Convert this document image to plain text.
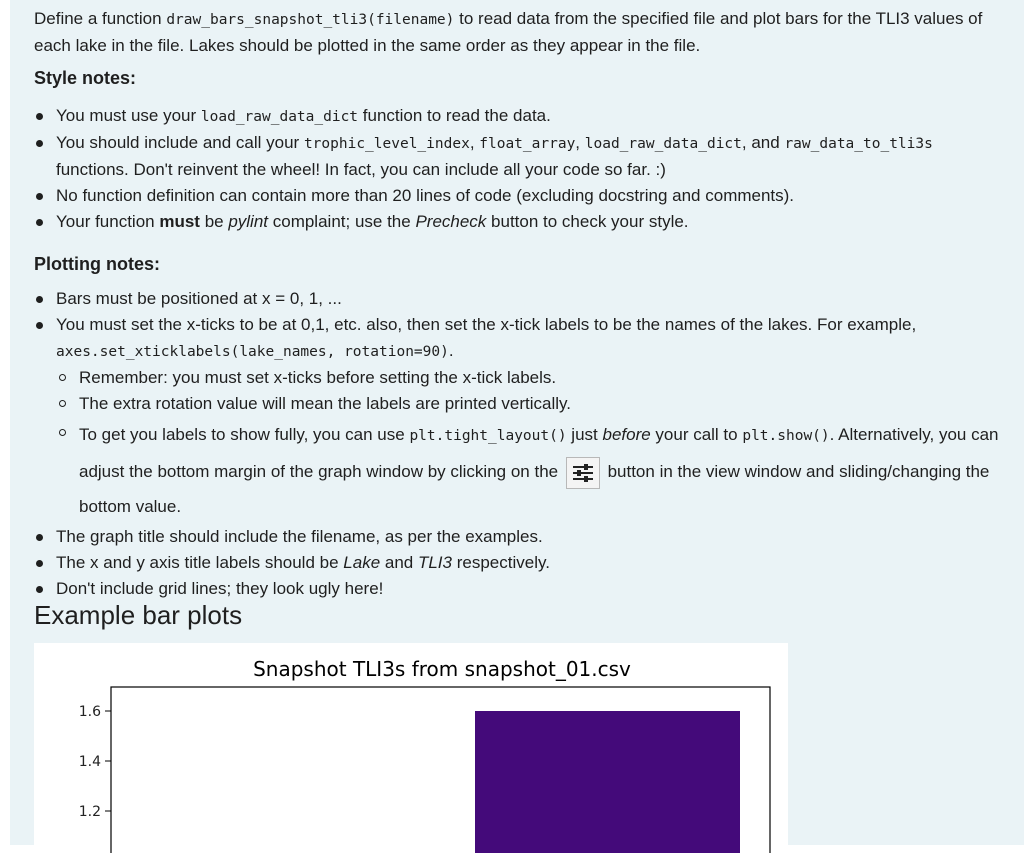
Define a function draw_bars_snapshot_tli3(filename) to read data from the specified file and plot bars for the TLI3 values of each lake in the file. Lakes should be plotted in the same order as they appear in the file.

Style notes:
You must use your load_raw_data_dict function to read the data.
You should include and call your trophic_level_index, float_array, load_raw_data_dict, and raw_data_to_tli3s functions. Don't reinvent the wheel! In fact, you can include all your code so far. :)
No function definition can contain more than 20 lines of code (excluding docstring and comments).
Your function must be pylint complaint; use the Precheck button to check your style.
Plotting notes:
Bars must be positioned at x = 0, 1, ...
You must set the x-ticks to be at 0,1, etc. also, then set the x-tick labels to be the names of the lakes. For example,
axes.set_xticklabels(lake_names, rotation=90).
Remember: you must set x-ticks before setting the x-tick labels.
The extra rotation value will mean the labels are printed vertically.
To get you labels to show fully, you can use plt.tight_layout() just before your call to plt.show(). Alternatively, you can adjust the bottom margin of the graph window by clicking on the	button in the view window and sliding/changing the bottom value.
The graph title should include the filename, as per the examples.
The x and y axis title labels should be Lake and TLI3 respectively.
Don't include grid lines; they look ugly here!
Example bar plots
Snapshot TLI3s from snapshot_01.csv
1.6
1.4
1.2
